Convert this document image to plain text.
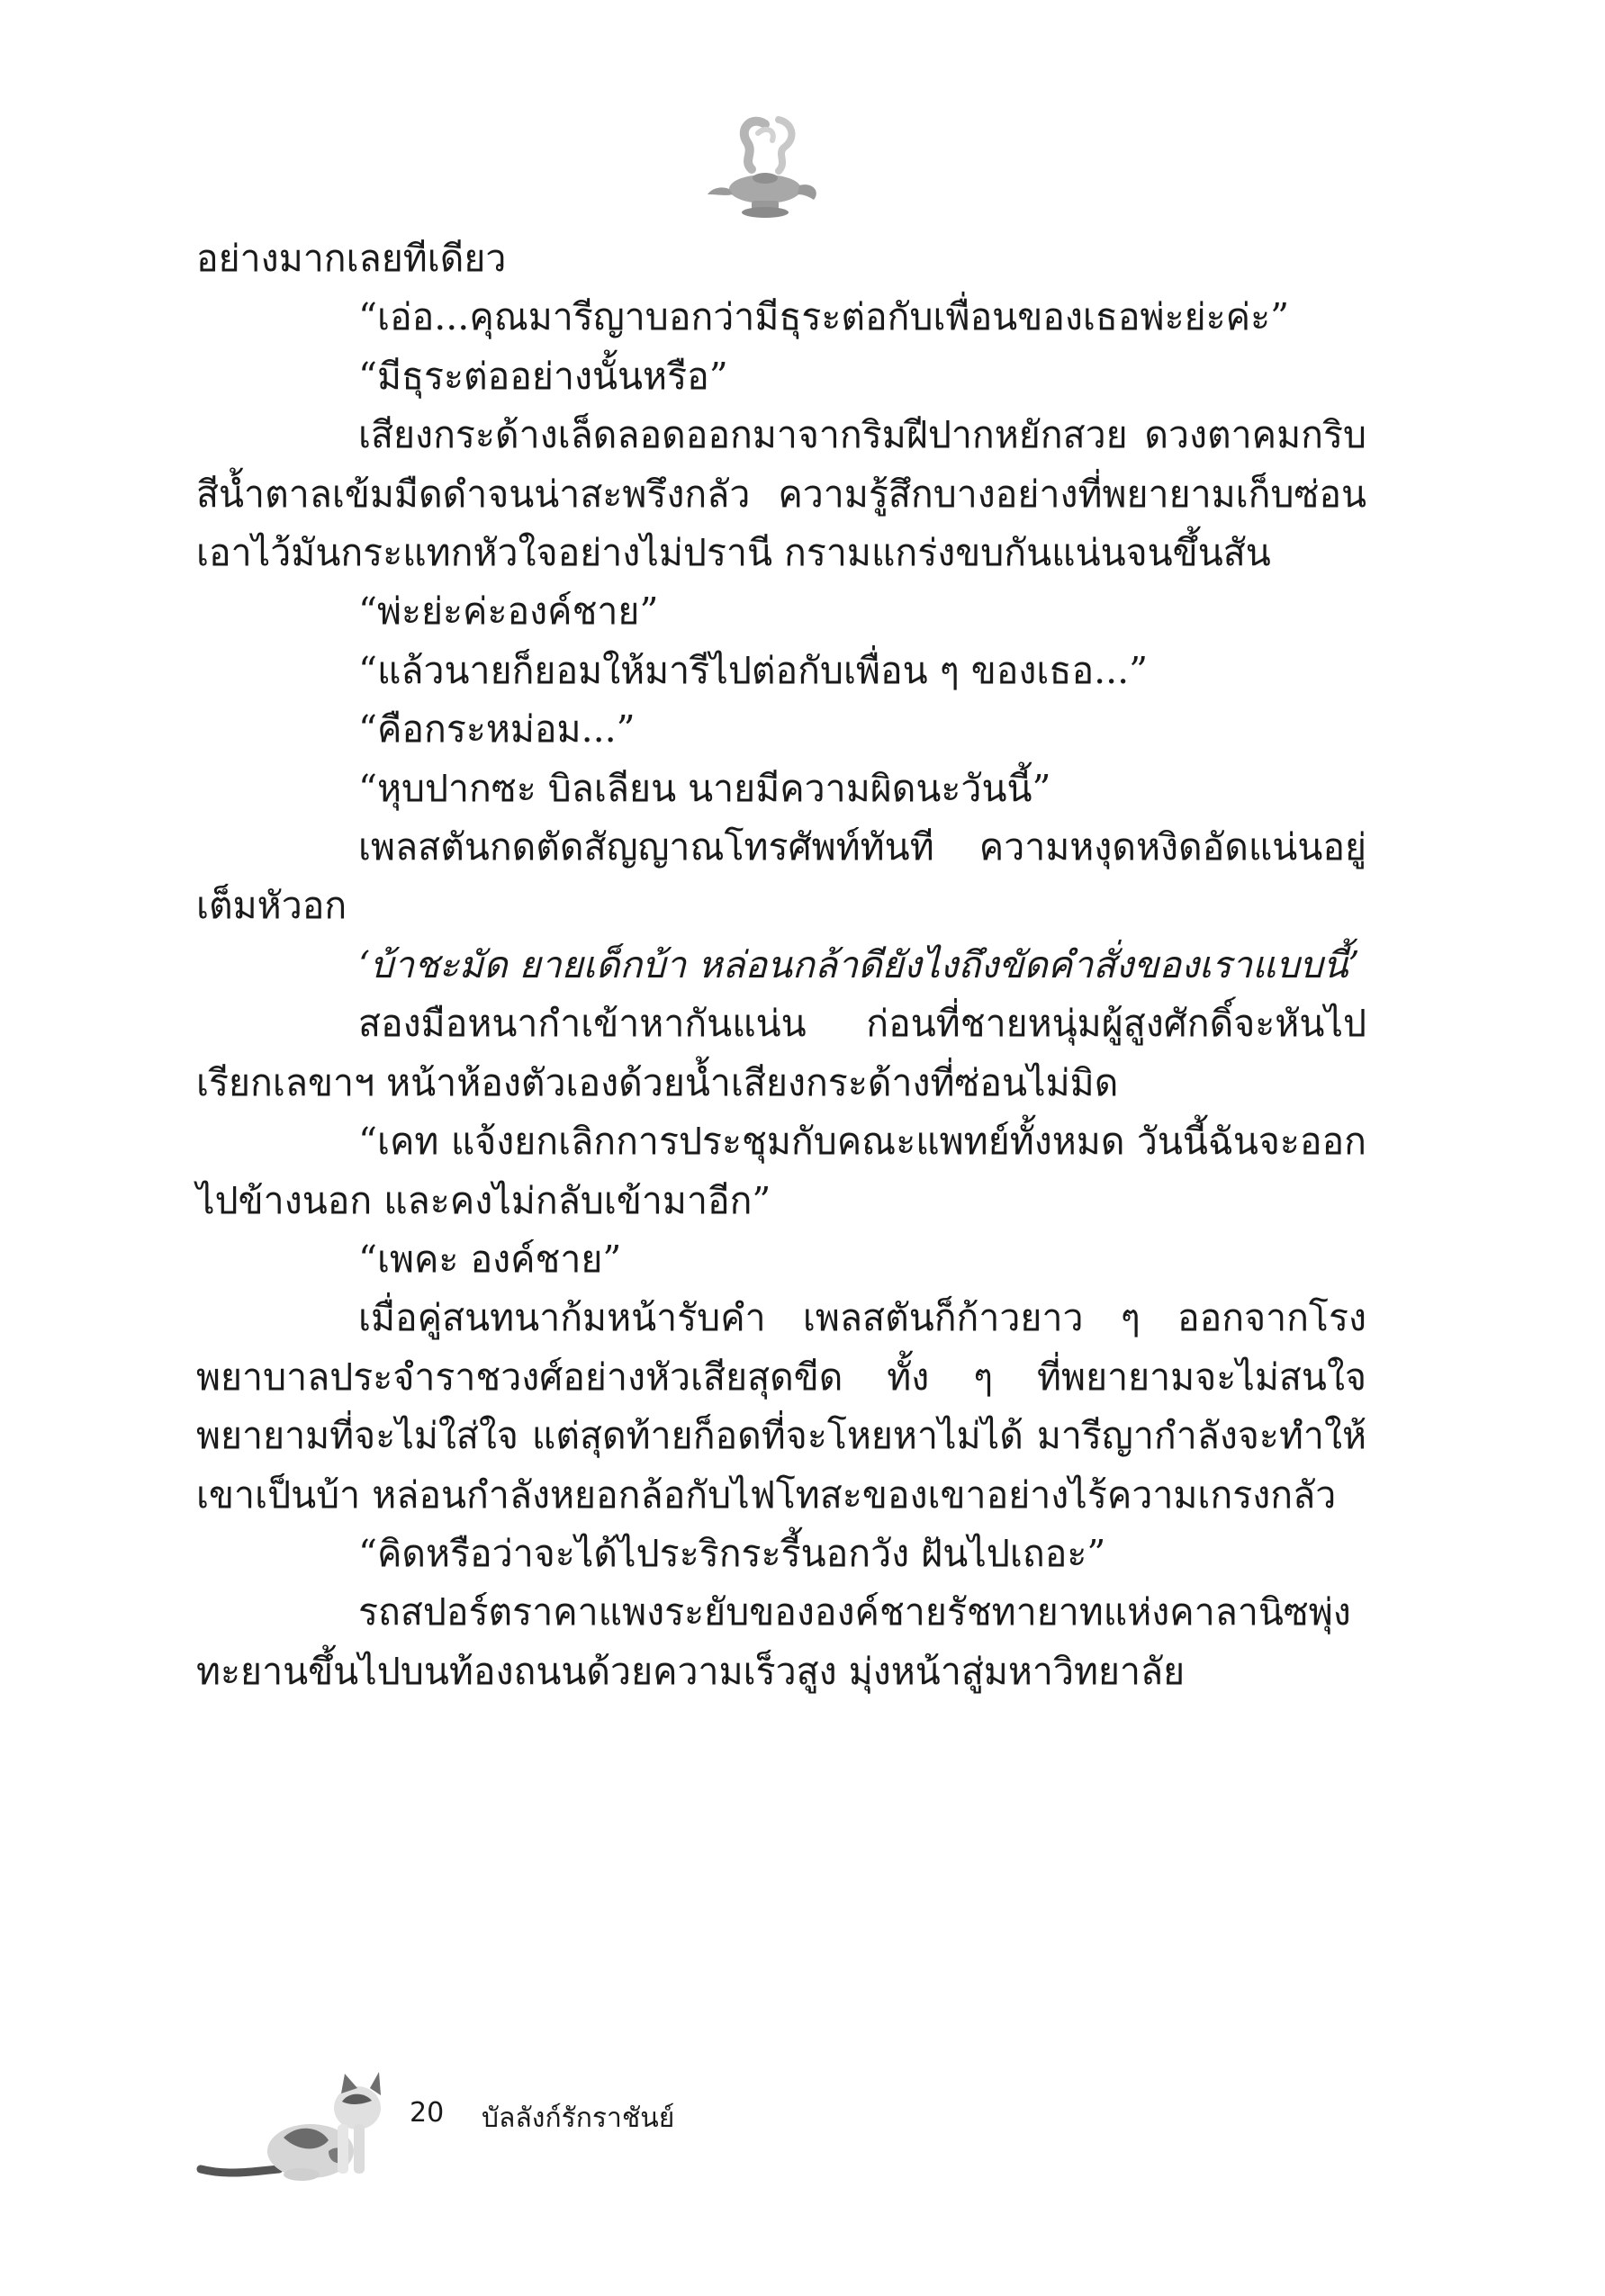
อย่างมากเลยทีเดียว

“เอ่อ...คุณมารีญาบอกว่ามีธุระต่อกับเพื่อนของเธอพ่ะย่ะค่ะ”

“มีธุระต่ออย่างนั้นหรือ”

เสียงกระด้างเล็ดลอดออกมาจากริมฝีปากหยักสวย ดวงตาคมกริบสีน้ำตาลเข้มมืดดำจนน่าสะพรึงกลัว ความรู้สึกบางอย่างที่พยายามเก็บซ่อนเอาไว้มันกระแทกหัวใจอย่างไม่ปรานี กรามแกร่งขบกันแน่นจนขึ้นสัน

“พ่ะย่ะค่ะองค์ชาย”

“แล้วนายก็ยอมให้มารีไปต่อกับเพื่อน ๆ ของเธอ...”

“คือกระหม่อม...”

“หุบปากซะ บิลเลียน นายมีความผิดนะวันนี้”

เพลสตันกดตัดสัญญาณโทรศัพท์ทันที ความหงุดหงิดอัดแน่นอยู่เต็มหัวอก

‘บ้าชะมัด ยายเด็กบ้า หล่อนกล้าดียังไงถึงขัดคำสั่งของเราแบบนี้’

สองมือหนากำเข้าหากันแน่น ก่อนที่ชายหนุ่มผู้สูงศักดิ์จะหันไปเรียกเลขาฯ หน้าห้องตัวเองด้วยน้ำเสียงกระด้างที่ซ่อนไม่มิด

“เคท แจ้งยกเลิกการประชุมกับคณะแพทย์ทั้งหมด วันนี้ฉันจะออกไปข้างนอก และคงไม่กลับเข้ามาอีก”

“เพคะ องค์ชาย”

เมื่อคู่สนทนาก้มหน้ารับคำ เพลสตันก็ก้าวยาว ๆ ออกจากโรงพยาบาลประจำราชวงศ์อย่างหัวเสียสุดขีด ทั้ง ๆ ที่พยายามจะไม่สนใจ พยายามที่จะไม่ใส่ใจ แต่สุดท้ายก็อดที่จะโหยหาไม่ได้ มารีญากำลังจะทำให้เขาเป็นบ้า หล่อนกำลังหยอกล้อกับไฟโทสะของเขาอย่างไร้ความเกรงกลัว

“คิดหรือว่าจะได้ไประริกระรี้นอกวัง ฝันไปเถอะ”

รถสปอร์ตราคาแพงระยับขององค์ชายรัชทายาทแห่งคาลานิซพุ่งทะยานขึ้นไปบนท้องถนนด้วยความเร็วสูง มุ่งหน้าสู่มหาวิทยาลัย

20 บัลลังก์รักราชันย์
